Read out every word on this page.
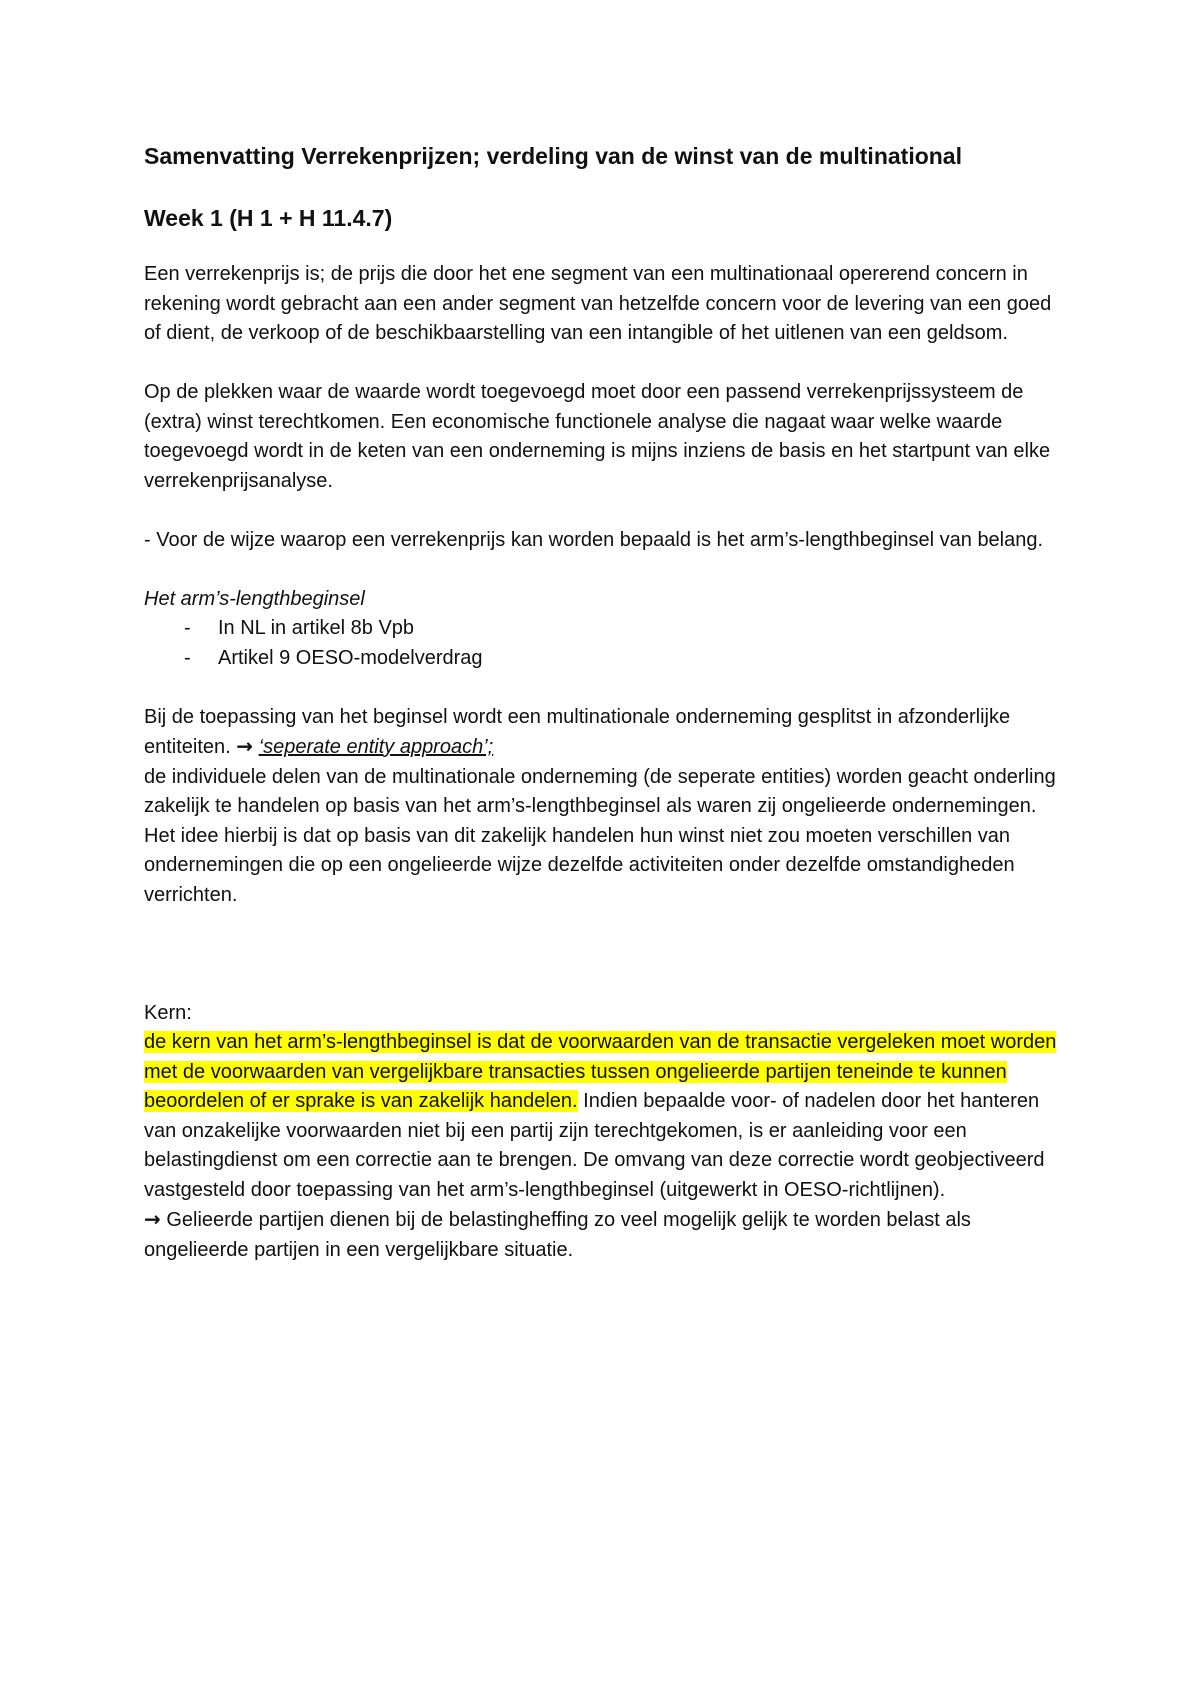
Samenvatting Verrekenprijzen; verdeling van de winst van de multinational
Week 1 (H 1 + H 11.4.7)

Een verrekenprijs is; de prijs die door het ene segment van een multinationaal opererend concern in rekening wordt gebracht aan een ander segment van hetzelfde concern voor de levering van een goed of dient, de verkoop of de beschikbaarstelling van een intangible of het uitlenen van een geldsom.

Op de plekken waar de waarde wordt toegevoegd moet door een passend verrekenprijssysteem de (extra) winst terechtkomen. Een economische functionele analyse die nagaat waar welke waarde toegevoegd wordt in de keten van een onderneming is mijns inziens de basis en het startpunt van elke verrekenprijsanalyse.

- Voor de wijze waarop een verrekenprijs kan worden bepaald is het arm’s-lengthbeginsel van belang.

Het arm’s-lengthbeginsel
- In NL in artikel 8b Vpb
- Artikel 9 OESO-modelverdrag

Bij de toepassing van het beginsel wordt een multinationale onderneming gesplitst in afzonderlijke entiteiten. → ‘seperate entity approach’;

de individuele delen van de multinationale onderneming (de seperate entities) worden geacht onderling zakelijk te handelen op basis van het arm’s-lengthbeginsel als waren zij ongelieerde ondernemingen. Het idee hierbij is dat op basis van dit zakelijk handelen hun winst niet zou moeten verschillen van ondernemingen die op een ongelieerde wijze dezelfde activiteiten onder dezelfde omstandigheden verrichten.

Kern:

de kern van het arm’s-lengthbeginsel is dat de voorwaarden van de transactie vergeleken moet worden met de voorwaarden van vergelijkbare transacties tussen ongelieerde partijen teneinde te kunnen beoordelen of er sprake is van zakelijk handelen. Indien bepaalde voor- of nadelen door het hanteren van onzakelijke voorwaarden niet bij een partij zijn terechtgekomen, is er aanleiding voor een belastingdienst om een correctie aan te brengen. De omvang van deze correctie wordt geobjectiveerd vastgesteld door toepassing van het arm’s-lengthbeginsel (uitgewerkt in OESO-richtlijnen).

→ Gelieerde partijen dienen bij de belastingheffing zo veel mogelijk gelijk te worden belast als ongelieerde partijen in een vergelijkbare situatie.
